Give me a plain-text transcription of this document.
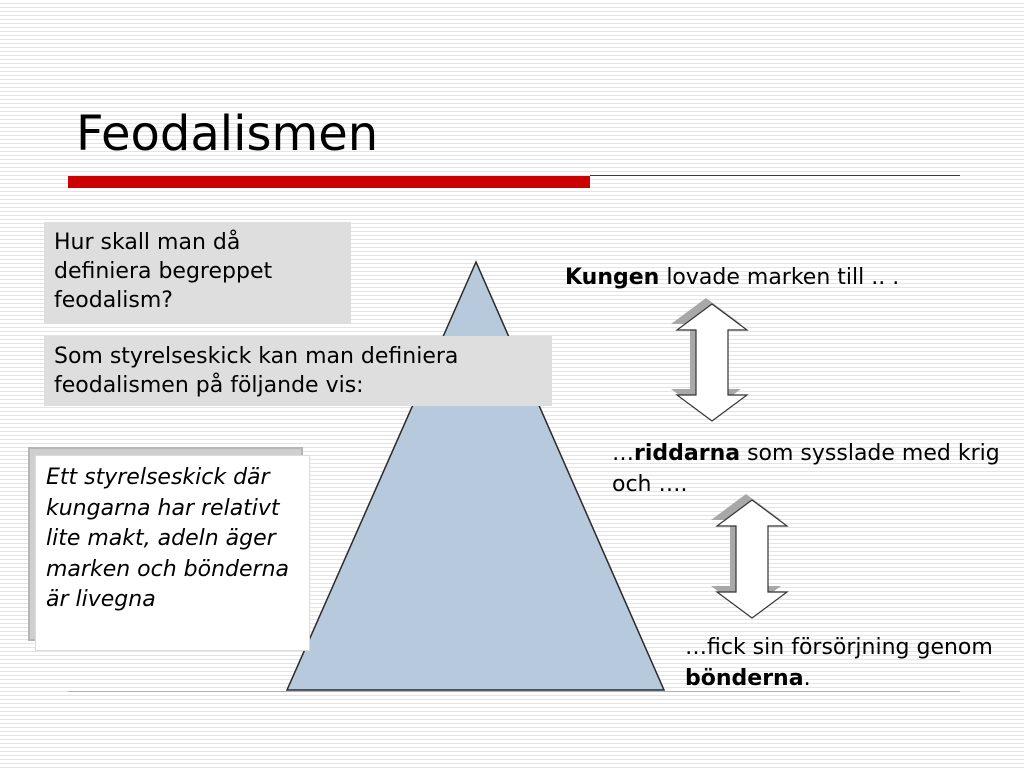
Feodalismen
Hur skall man då definiera begreppet feodalism?
Som styrelseskick kan man definiera feodalismen på följande vis:
Ett styrelseskick där kungarna har relativt lite makt, adeln äger marken och bönderna är livegna
Kungen lovade marken till .. .
…riddarna som sysslade med krig och ….
…fick sin försörjning genom bönderna.
